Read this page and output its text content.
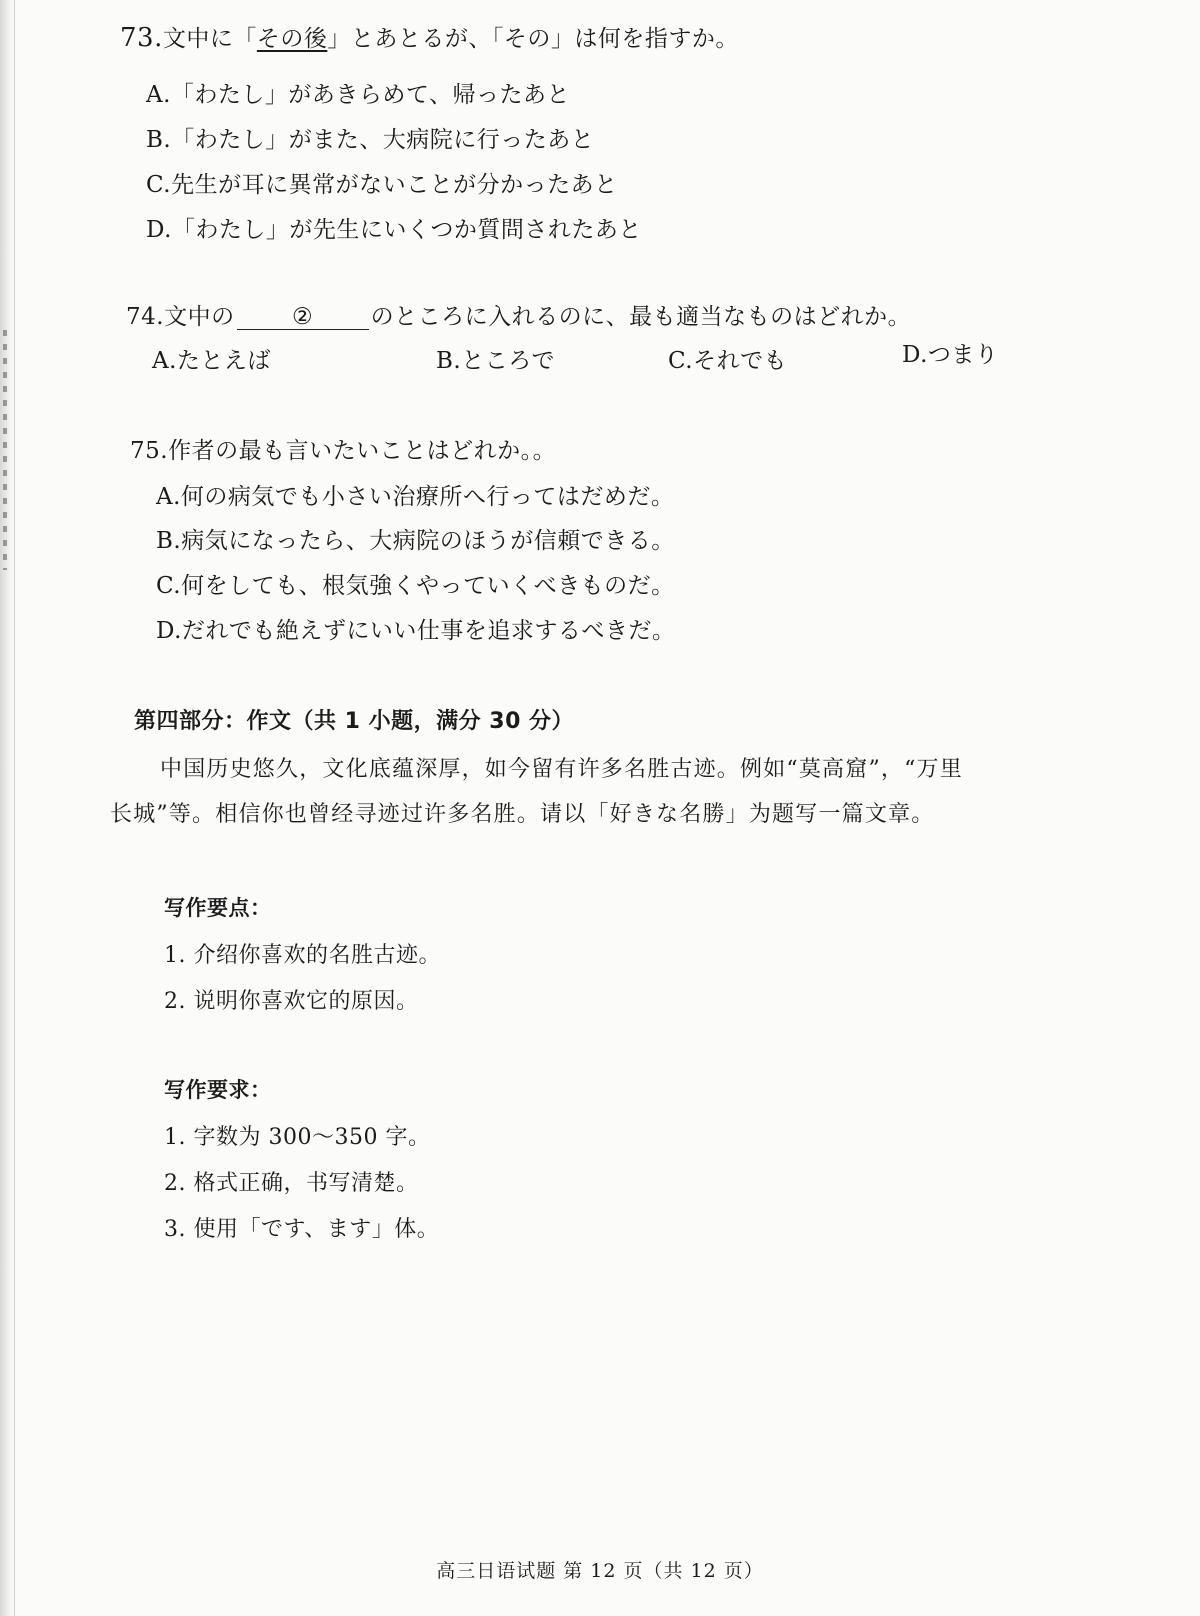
73.文中に「その後」とあとるが、「その」は何を指すか。
A.「わたし」があきらめて、帰ったあと
B.「わたし」がまた、大病院に行ったあと
C.先生が耳に異常がないことが分かったあと
D.「わたし」が先生にいくつか質問されたあと
74.文中の ② のところに入れるのに、最も適当なものはどれか。
A.たとえば	B.ところで	C.それでも	D.つまり
75.作者の最も言いたいことはどれか。。
A.何の病気でも小さい治療所へ行ってはだめだ。
B.病気になったら、大病院のほうが信頼できる。
C.何をしても、根気強くやっていくべきものだ。
D.だれでも絶えずにいい仕事を追求するべきだ。
第四部分：作文（共 1 小题，满分 30 分）
中国历史悠久，文化底蕴深厚，如今留有许多名胜古迹。例如“莫高窟”，“万里
长城”等。相信你也曾经寻迹过许多名胜。请以「好きな名勝」为题写一篇文章。
写作要点：
1. 介绍你喜欢的名胜古迹。
2. 说明你喜欢它的原因。
写作要求：
1. 字数为 300～350 字。
2. 格式正确，书写清楚。
3. 使用「です、ます」体。
高三日语试题 第 12 页（共 12 页）
